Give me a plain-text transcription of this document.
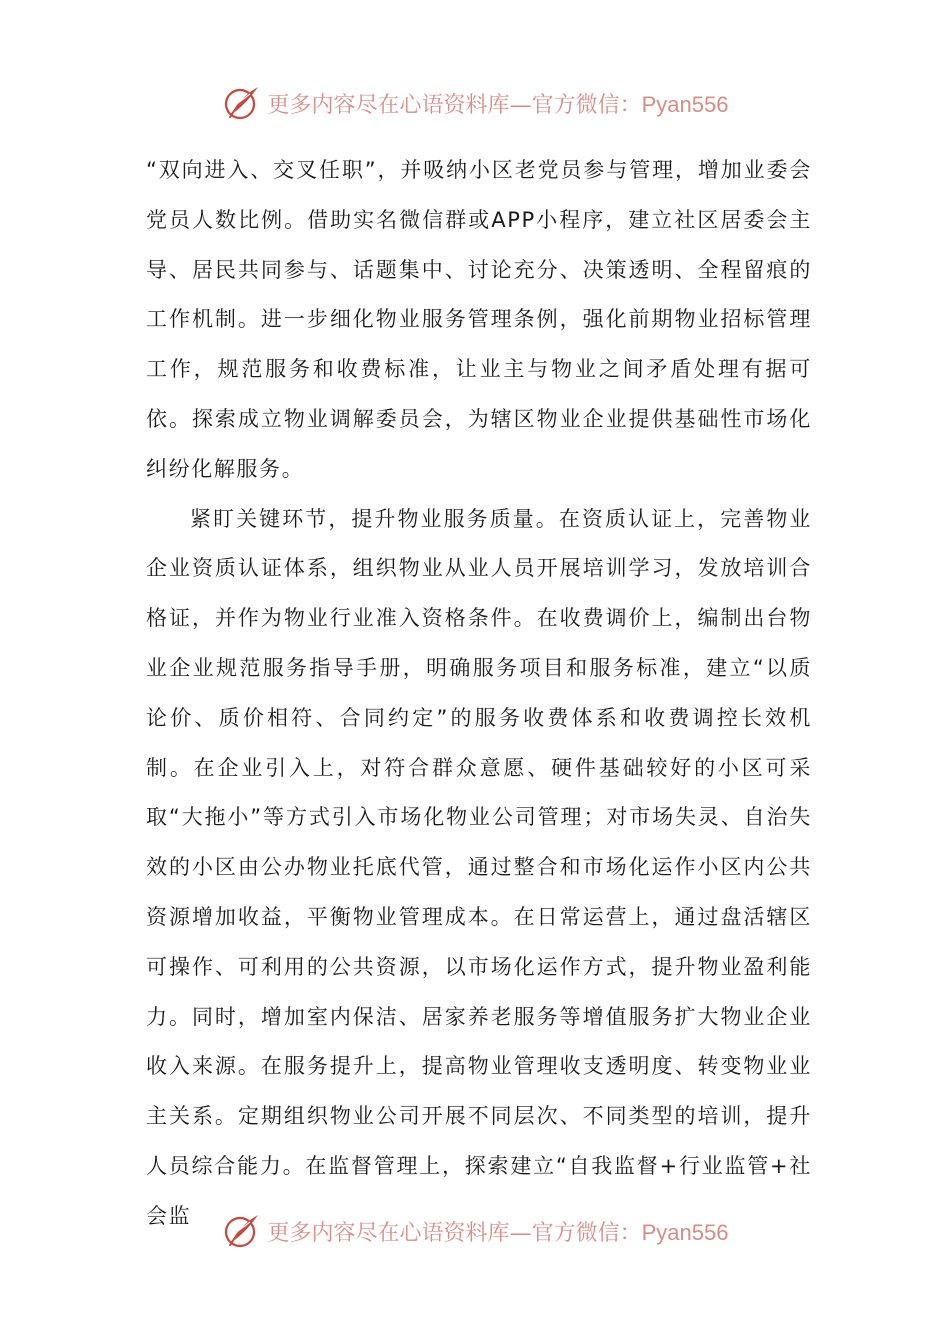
更多内容尽在心语资料库—官方微信：Pyan556

“双向进入、交叉任职”，并吸纳小区老党员参与管理，增加业委会党员人数比例。借助实名微信群或APP小程序，建立社区居委会主导、居民共同参与、话题集中、讨论充分、决策透明、全程留痕的工作机制。进一步细化物业服务管理条例，强化前期物业招标管理工作，规范服务和收费标准，让业主与物业之间矛盾处理有据可依。探索成立物业调解委员会，为辖区物业企业提供基础性市场化纠纷化解服务。

紧盯关键环节，提升物业服务质量。在资质认证上，完善物业企业资质认证体系，组织物业从业人员开展培训学习，发放培训合格证，并作为物业行业准入资格条件。在收费调价上，编制出台物业企业规范服务指导手册，明确服务项目和服务标准，建立“以质论价、质价相符、合同约定”的服务收费体系和收费调控长效机制。在企业引入上，对符合群众意愿、硬件基础较好的小区可采取“大拖小”等方式引入市场化物业公司管理；对市场失灵、自治失效的小区由公办物业托底代管，通过整合和市场化运作小区内公共资源增加收益，平衡物业管理成本。在日常运营上，通过盘活辖区可操作、可利用的公共资源，以市场化运作方式，提升物业盈利能力。同时，增加室内保洁、居家养老服务等增值服务扩大物业企业收入来源。在服务提升上，提高物业管理收支透明度、转变物业业主关系。定期组织物业公司开展不同层次、不同类型的培训，提升人员综合能力。在监督管理上，探索建立“自我监督+行业监管+社会监

更多内容尽在心语资料库—官方微信：Pyan556
